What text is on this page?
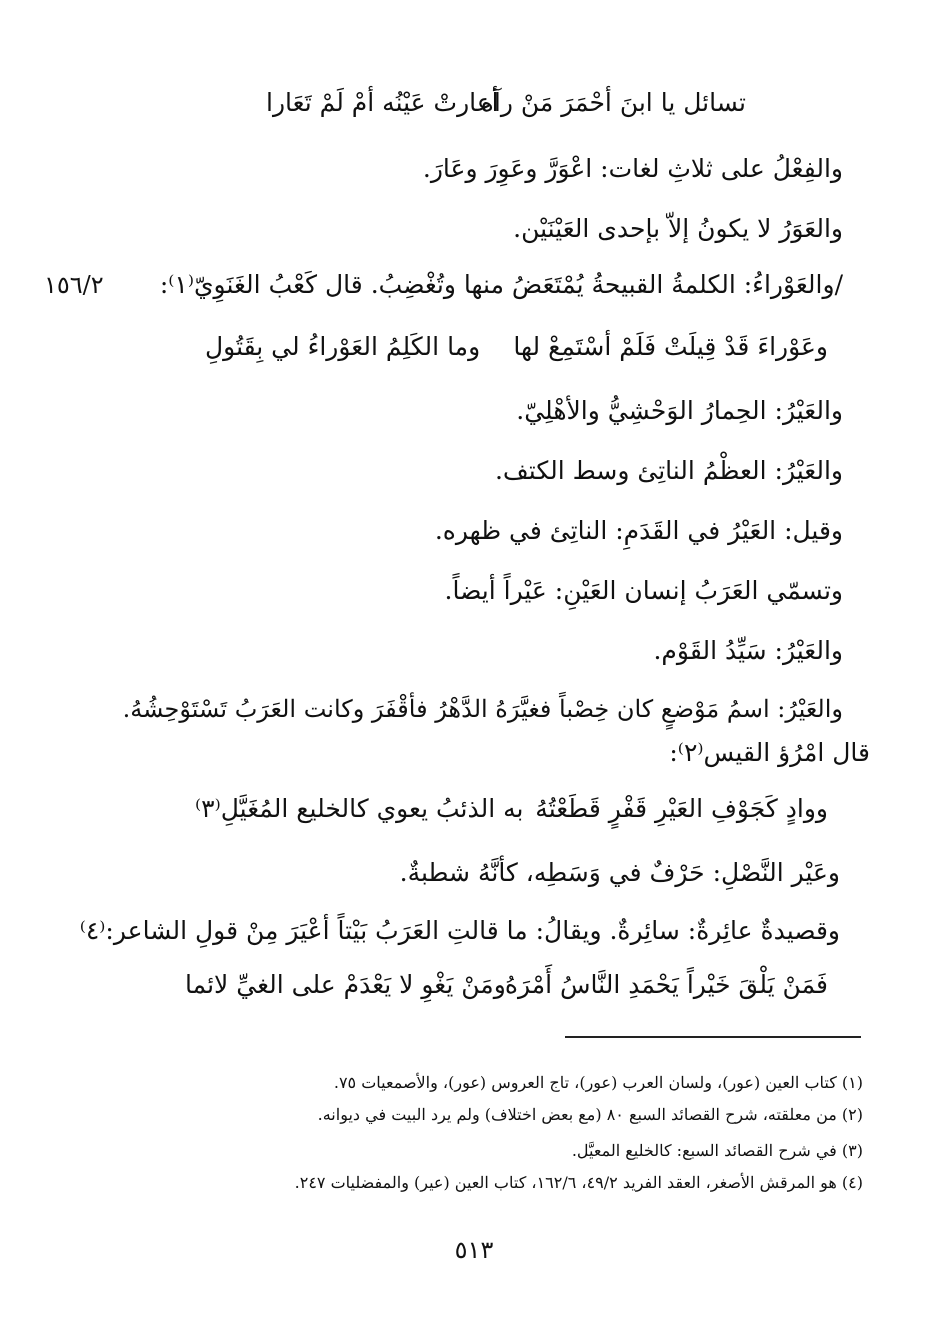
تسائل يا ابنَ أحْمَرَ مَنْ رآه
أعارتْ عَيْنُه أمْ لَمْ تَعَارا
والفِعْلُ على ثلاثِ لغات: اعْوَرَّ وعَوِرَ وعَارَ.
والعَوَرُ لا يكونُ إلاّ بإحدى العَيْنَيْن.
١٥٦/٢ /والعَوْراءُ: الكلمةُ القبيحةُ يُمْتَعَضُ منها وتُغْضِبُ. قال كَعْبُ الغَنَوِيّ⁽١⁾:
وعَوْراءَ قَدْ قِيلَتْ فَلَمْ أسْتَمِعْ لها
وما الكَلِمُ العَوْراءُ لي بِقَتُولِ
والعَيْرُ: الحِمارُ الوَحْشِيُّ والأهْلِيّ.
والعَيْرُ: العظْمُ الناتِئ وسط الكتف.
وقيل: العَيْرُ في القَدَمِ: الناتِئ في ظهره.
وتسمّي العَرَبُ إنسان العَيْنِ: عَيْراً أيضاً.
والعَيْرُ: سَيِّدُ القَوْم.
والعَيْرُ: اسمُ مَوْضعٍ كان خِصْباً فغيَّرَهُ الدَّهْرُ فأقْفَرَ وكانت العَرَبُ تَسْتَوْحِشُهُ.
قال امْرُؤ القيس⁽٢⁾:
ووادٍ كَجَوْفِ العَيْرِ قَفْرٍ قَطَعْتُهُ
به الذئبُ يعوي كالخليع المُغَيَّلِ⁽٣⁾
وعَيْر النَّصْلِ: حَرْفٌ في وَسَطِه، كأنَّهُ شطبةٌ.
وقصيدةٌ عائِرةٌ: سائِرةٌ. ويقالُ: ما قالتِ العَرَبُ بَيْتاً أعْيَرَ مِنْ قولِ الشاعر:⁽٤⁾
فَمَنْ يَلْقَ خَيْراً يَحْمَدِ النَّاسُ أَمْرَهُ
ومَنْ يَغْوِ لا يَعْدَمْ على الغيِّ لائما
(١) كتاب العين (عور)، ولسان العرب (عور)، تاج العروس (عور)، والأصمعيات ٧٥.
(٢) من معلقته، شرح القصائد السبع ٨٠ (مع بعض اختلاف) ولم يرد البيت في ديوانه.
(٣) في شرح القصائد السبع: كالخليع المعيَّل.
(٤) هو المرقش الأصغر، العقد الفريد ٤٩/٢، ١٦٢/٦، كتاب العين (عير) والمفضليات ٢٤٧.
٥١٣
